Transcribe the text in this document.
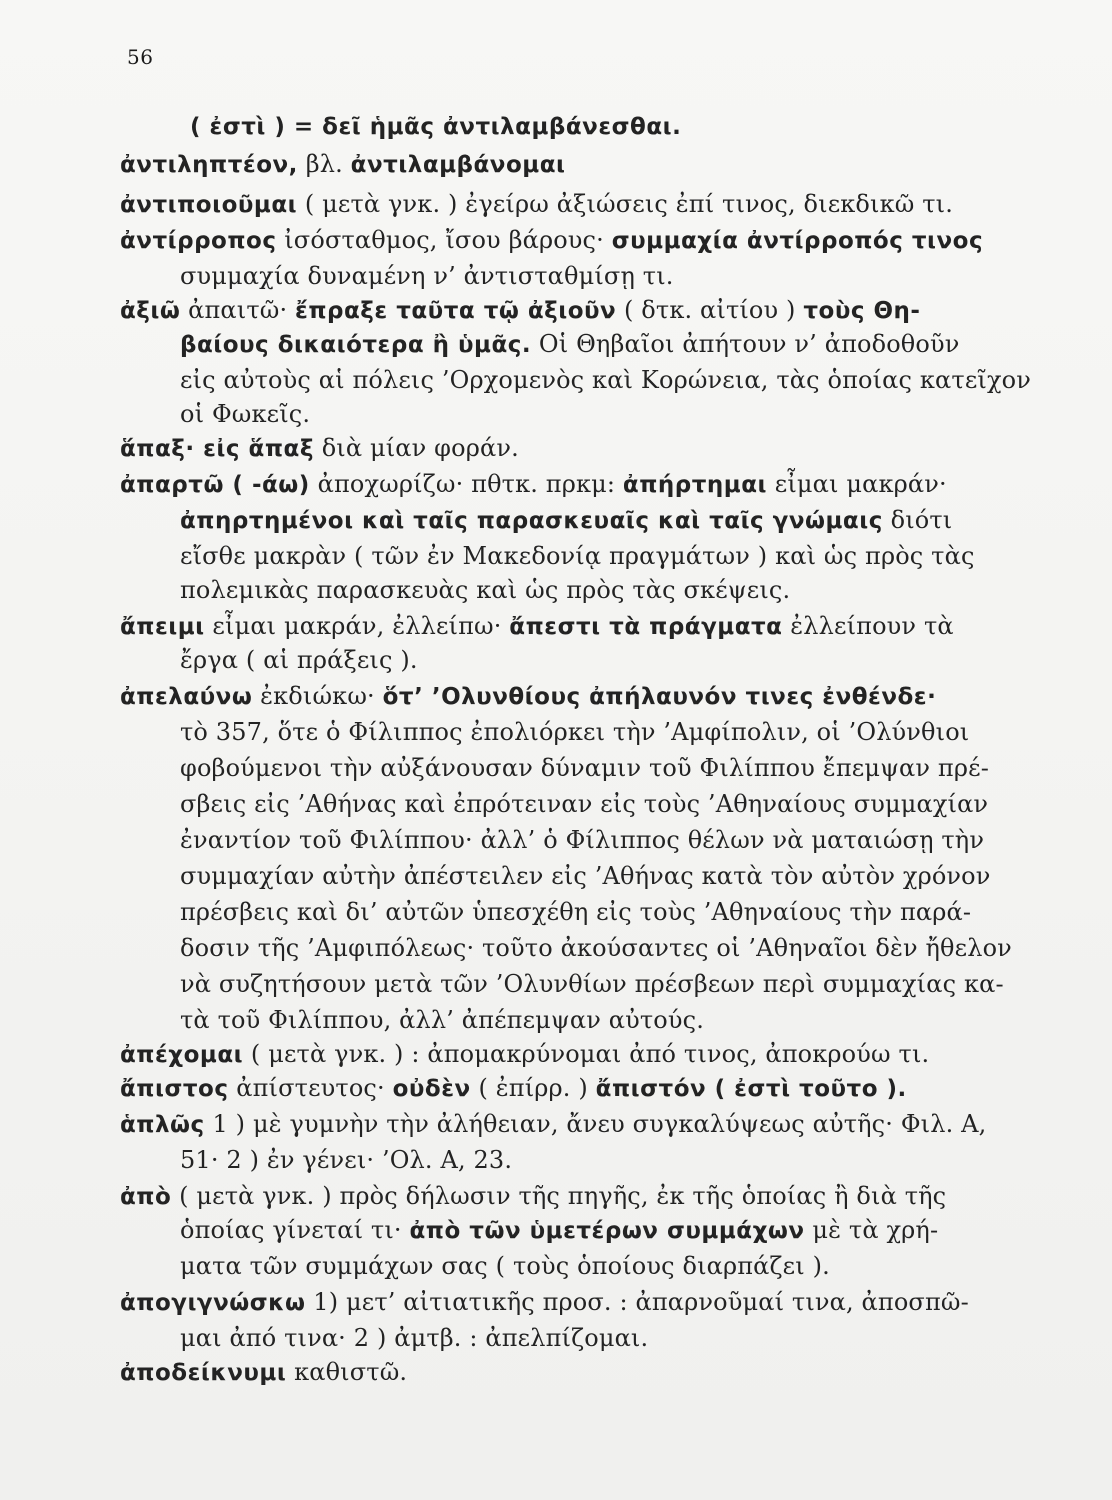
56
( ἐστὶ ) = δεῖ ἡμᾶς ἀντιλαμβάνεσθαι.
ἀντιληπτέον, βλ. ἀντιλαμβάνομαι
ἀντιποιοῦμαι ( μετὰ γνκ. ) ἐγείρω ἀξιώσεις ἐπί τινος, διεκδικῶ τι.
ἀντίρροπος ἰσόσταθμος, ἴσου βάρους· συμμαχία ἀντίρροπός τινος
συμμαχία δυναμένη ν’ ἀντισταθμίσῃ τι.
ἀξιῶ ἀπαιτῶ· ἔπραξε ταῦτα τῷ ἀξιοῦν ( δτκ. αἰτίου ) τοὺς Θη-
βαίους δικαιότερα ἢ ὑμᾶς. Οἱ Θηβαῖοι ἀπήτουν ν’ ἀποδοθοῦν
εἰς αὐτοὺς αἱ πόλεις ’Ορχομενὸς καὶ Κορώνεια, τὰς ὁποίας κατεῖχον
οἱ Φωκεῖς.
ἅπαξ· εἰς ἅπαξ διὰ μίαν φοράν.
ἀπαρτῶ ( -άω) ἀποχωρίζω· πθτκ. πρκμ: ἀπήρτημαι εἶμαι μακράν·
ἀπηρτημένοι καὶ ταῖς παρασκευαῖς καὶ ταῖς γνώμαις διότι
εἴσθε μακρὰν ( τῶν ἐν Μακεδονίᾳ πραγμάτων ) καὶ ὡς πρὸς τὰς
πολεμικὰς παρασκευὰς καὶ ὡς πρὸς τὰς σκέψεις.
ἄπειμι εἶμαι μακράν, ἐλλείπω· ἄπεστι τὰ πράγματα ἐλλείπουν τὰ
ἔργα ( αἱ πράξεις ).
ἀπελαύνω ἐκδιώκω· ὅτ’ ’Ολυνθίους ἀπήλαυνόν τινες ἐνθένδε·
τὸ 357, ὅτε ὁ Φίλιππος ἐπολιόρκει τὴν ’Αμφίπολιν, οἱ ’Ολύνθιοι
φοβούμενοι τὴν αὐξάνουσαν δύναμιν τοῦ Φιλίππου ἔπεμψαν πρέ-
σβεις εἰς ’Αθήνας καὶ ἐπρότειναν εἰς τοὺς ’Αθηναίους συμμαχίαν
ἐναντίον τοῦ Φιλίππου· ἀλλ’ ὁ Φίλιππος θέλων νὰ ματαιώσῃ τὴν
συμμαχίαν αὐτὴν ἀπέστειλεν εἰς ’Αθήνας κατὰ τὸν αὐτὸν χρόνον
πρέσβεις καὶ δι’ αὐτῶν ὑπεσχέθη εἰς τοὺς ’Αθηναίους τὴν παρά-
δοσιν τῆς ’Αμφιπόλεως· τοῦτο ἀκούσαντες οἱ ’Αθηναῖοι δὲν ἤθελον
νὰ συζητήσουν μετὰ τῶν ’Ολυνθίων πρέσβεων περὶ συμμαχίας κα-
τὰ τοῦ Φιλίππου, ἀλλ’ ἀπέπεμψαν αὐτούς.
ἀπέχομαι ( μετὰ γνκ. ) : ἀπομακρύνομαι ἀπό τινος, ἀποκρούω τι.
ἄπιστος ἀπίστευτος· οὐδὲν ( ἐπίρρ. ) ἄπιστόν ( ἐστὶ τοῦτο ).
ἁπλῶς 1 ) μὲ γυμνὴν τὴν ἀλήθειαν, ἄνευ συγκαλύψεως αὐτῆς· Φιλ. Α,
51· 2 ) ἐν γένει· ’Ολ. Α, 23.
ἀπὸ ( μετὰ γνκ. ) πρὸς δήλωσιν τῆς πηγῆς, ἐκ τῆς ὁποίας ἢ διὰ τῆς
ὁποίας γίνεταί τι· ἀπὸ τῶν ὑμετέρων συμμάχων μὲ τὰ χρή-
ματα τῶν συμμάχων σας ( τοὺς ὁποίους διαρπάζει ).
ἀπογιγνώσκω 1) μετ’ αἰτιατικῆς προσ. : ἀπαρνοῦμαί τινα, ἀποσπῶ-
μαι ἀπό τινα· 2 ) ἀμτβ. : ἀπελπίζομαι.
ἀποδείκνυμι καθιστῶ.
